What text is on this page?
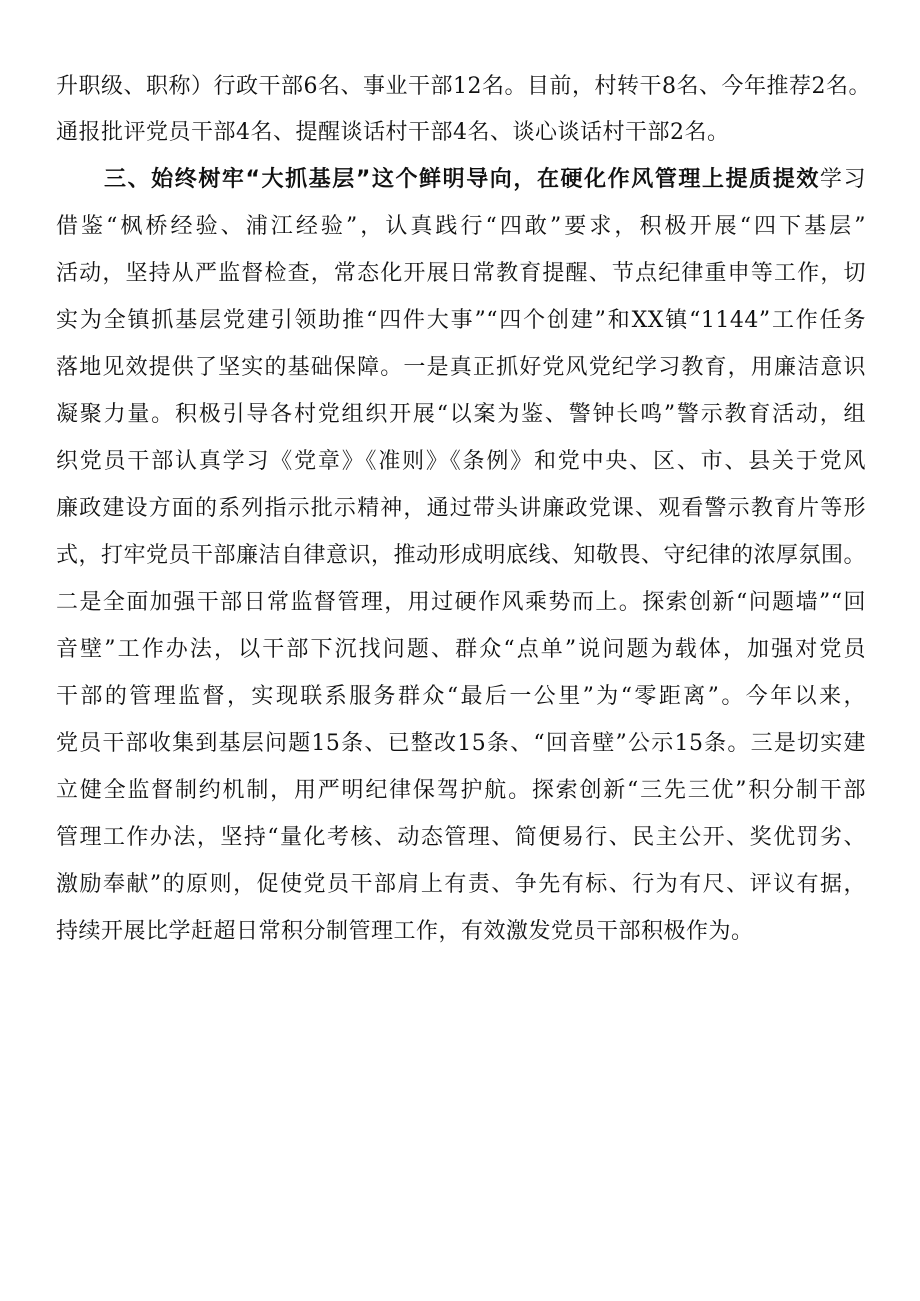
升职级、职称）行政干部6名、事业干部12名。目前，村转干8名、今年推荐2名。
通报批评党员干部4名、提醒谈话村干部4名、谈心谈话村干部2名。
三、始终树牢“大抓基层”这个鲜明导向，在硬化作风管理上提质提效学习
借鉴“枫桥经验、浦江经验”，认真践行“四敢”要求，积极开展“四下基层”
活动，坚持从严监督检查，常态化开展日常教育提醒、节点纪律重申等工作，切
实为全镇抓基层党建引领助推“四件大事”“四个创建”和XX镇“1144”工作任务
落地见效提供了坚实的基础保障。一是真正抓好党风党纪学习教育，用廉洁意识
凝聚力量。积极引导各村党组织开展“以案为鉴、警钟长鸣”警示教育活动，组
织党员干部认真学习《党章》《准则》《条例》和党中央、区、市、县关于党风
廉政建设方面的系列指示批示精神，通过带头讲廉政党课、观看警示教育片等形
式，打牢党员干部廉洁自律意识，推动形成明底线、知敬畏、守纪律的浓厚氛围。
二是全面加强干部日常监督管理，用过硬作风乘势而上。探索创新“问题墙”“回
音壁”工作办法，以干部下沉找问题、群众“点单”说问题为载体，加强对党员
干部的管理监督，实现联系服务群众“最后一公里”为“零距离”。今年以来，
党员干部收集到基层问题15条、已整改15条、“回音壁”公示15条。三是切实建
立健全监督制约机制，用严明纪律保驾护航。探索创新“三先三优”积分制干部
管理工作办法，坚持“量化考核、动态管理、简便易行、民主公开、奖优罚劣、
激励奉献”的原则，促使党员干部肩上有责、争先有标、行为有尺、评议有据，
持续开展比学赶超日常积分制管理工作，有效激发党员干部积极作为。
